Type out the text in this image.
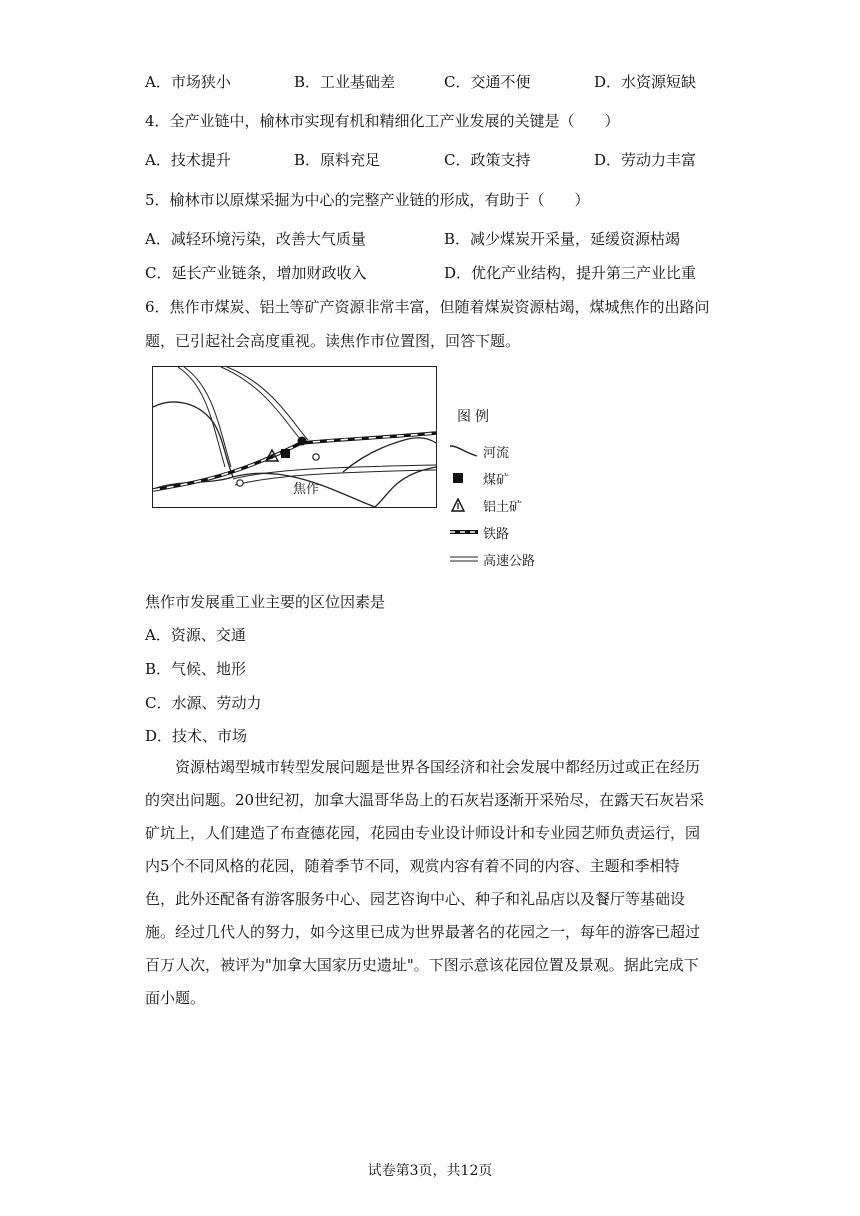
A．市场狭小	B．工业基础差	C．交通不便	D．水资源短缺
4．全产业链中，榆林市实现有机和精细化工产业发展的关键是（　　）
A．技术提升	B．原料充足	C．政策支持	D．劳动力丰富
5．榆林市以原煤采掘为中心的完整产业链的形成，有助于（　　）
A．减轻环境污染，改善大气质量	B．减少煤炭开采量，延缓资源枯竭
C．延长产业链条，增加财政收入	D．优化产业结构，提升第三产业比重
6．焦作市煤炭、铝土等矿产资源非常丰富，但随着煤炭资源枯竭，煤城焦作的出路问
题，已引起社会高度重视。读焦作市位置图，回答下题。
焦作
图例
河流
煤矿
铝土矿
铁路
高速公路
焦作市发展重工业主要的区位因素是
A．资源、交通
B．气候、地形
C．水源、劳动力
D．技术、市场
资源枯竭型城市转型发展问题是世界各国经济和社会发展中都经历过或正在经历的突出问题。20世纪初，加拿大温哥华岛上的石灰岩逐渐开采殆尽，在露天石灰岩采矿坑上，人们建造了布查德花园，花园由专业设计师设计和专业园艺师负责运行，园内5个不同风格的花园，随着季节不同，观赏内容有着不同的内容、主题和季相特色，此外还配备有游客服务中心、园艺咨询中心、种子和礼品店以及餐厅等基础设施。经过几代人的努力，如今这里已成为世界最著名的花园之一，每年的游客已超过百万人次，被评为"加拿大国家历史遗址"。下图示意该花园位置及景观。据此完成下面小题。
试卷第3页，共12页
